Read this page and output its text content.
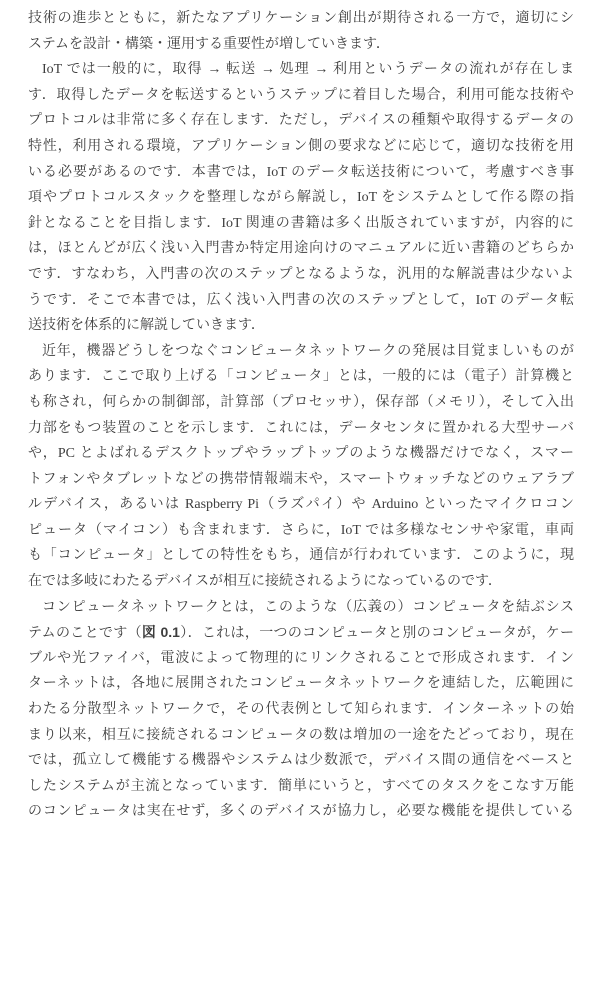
技術の進歩とともに，新たなアプリケーション創出が期待される一方で，適切にシ
ステムを設計・構築・運用する重要性が増していきます．
IoT では一般的に，取得 → 転送 → 処理 → 利用というデータの流れが存在しま
す．取得したデータを転送するというステップに着目した場合，利用可能な技術や
プロトコルは非常に多く存在します．ただし，デバイスの種類や取得するデータの
特性，利用される環境，アプリケーション側の要求などに応じて，適切な技術を用
いる必要があるのです．本書では，IoT のデータ転送技術について，考慮すべき事
項やプロトコルスタックを整理しながら解説し，IoT をシステムとして作る際の指
針となることを目指します．IoT 関連の書籍は多く出版されていますが，内容的に
は，ほとんどが広く浅い入門書か特定用途向けのマニュアルに近い書籍のどちらか
です．すなわち，入門書の次のステップとなるような，汎用的な解説書は少ないよ
うです．そこで本書では，広く浅い入門書の次のステップとして，IoT のデータ転
送技術を体系的に解説していきます．
近年，機器どうしをつなぐコンピュータネットワークの発展は目覚ましいものが
あります．ここで取り上げる「コンピュータ」とは，一般的には（電子）計算機と
も称され，何らかの制御部，計算部（プロセッサ），保存部（メモリ），そして入出
力部をもつ装置のことを示します．これには，データセンタに置かれる大型サーバ
や，PC とよばれるデスクトップやラップトップのような機器だけでなく，スマー
トフォンやタブレットなどの携帯情報端末や，スマートウォッチなどのウェアラブ
ルデバイス，あるいは Raspberry Pi（ラズパイ）や Arduino といったマイクロコン
ピュータ（マイコン）も含まれます．さらに，IoT では多様なセンサや家電，車両
も「コンピュータ」としての特性をもち，通信が行われています．このように，現
在では多岐にわたるデバイスが相互に接続されるようになっているのです．
コンピュータネットワークとは，このような（広義の）コンピュータを結ぶシス
テムのことです（図 0.1）．これは，一つのコンピュータと別のコンピュータが，ケー
ブルや光ファイバ，電波によって物理的にリンクされることで形成されます．イン
ターネットは，各地に展開されたコンピュータネットワークを連結した，広範囲に
わたる分散型ネットワークで，その代表例として知られます．インターネットの始
まり以来，相互に接続されるコンピュータの数は増加の一途をたどっており，現在
では，孤立して機能する機器やシステムは少数派で，デバイス間の通信をベースと
したシステムが主流となっています．簡単にいうと，すべてのタスクをこなす万能
のコンピュータは実在せず，多くのデバイスが協力し，必要な機能を提供している
